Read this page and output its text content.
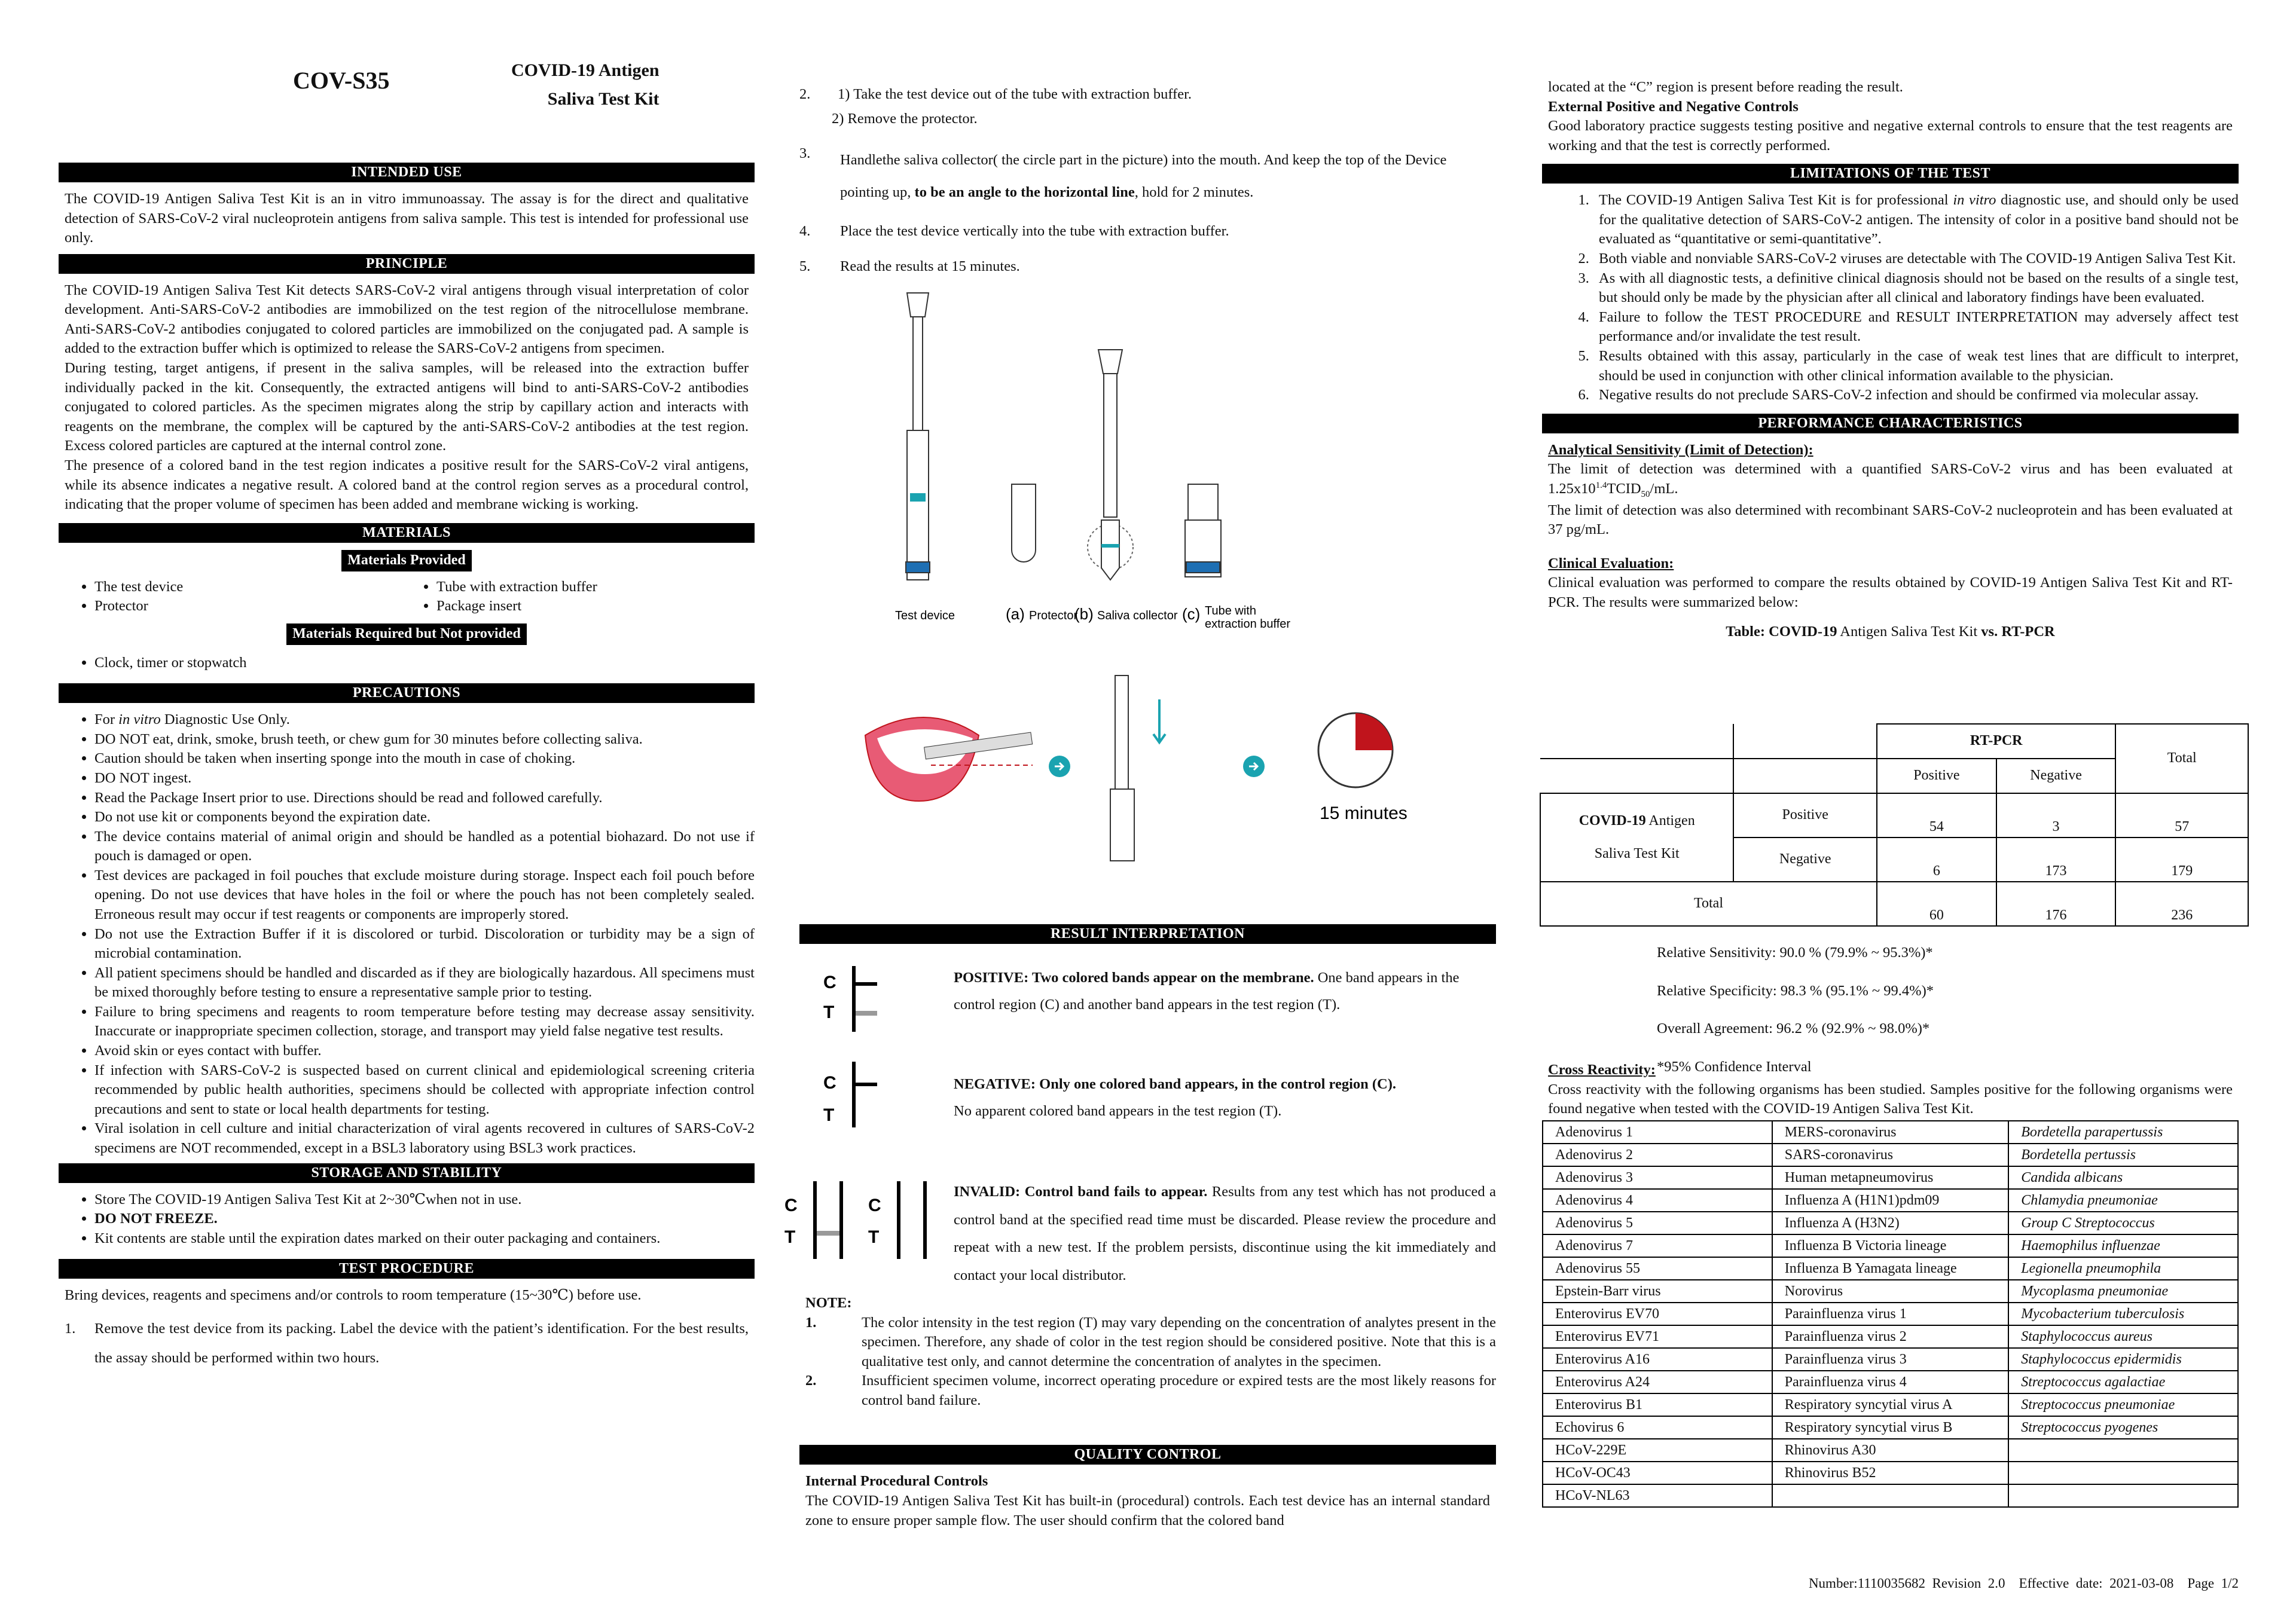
COV-S35	COVID-19 Antigen
Saliva Test Kit
INTENDED USE

The COVID-19 Antigen Saliva Test Kit is an in vitro immunoassay. The assay is for the direct and qualitative detection of SARS-CoV-2 viral nucleoprotein antigens from saliva sample. This test is intended for professional use only.

PRINCIPLE

The COVID-19 Antigen Saliva Test Kit detects SARS-CoV-2 viral antigens through visual interpretation of color development. Anti-SARS-CoV-2 antibodies are immobilized on the test region of the nitrocellulose membrane. Anti-SARS-CoV-2 antibodies conjugated to colored particles are immobilized on the conjugated pad. A sample is added to the extraction buffer which is optimized to release the SARS-CoV-2 antigens from specimen.

During testing, target antigens, if present in the saliva samples, will be released into the extraction buffer individually packed in the kit. Consequently, the extracted antigens will bind to anti-SARS-CoV-2 antibodies conjugated to colored particles. As the specimen migrates along the strip by capillary action and interacts with reagents on the membrane, the complex will be captured by the anti-SARS-CoV-2 antibodies at the test region. Excess colored particles are captured at the internal control zone.

The presence of a colored band in the test region indicates a positive result for the SARS-CoV-2 viral antigens, while its absence indicates a negative result. A colored band at the control region serves as a procedural control, indicating that the proper volume of specimen has been added and membrane wicking is working.

MATERIALS
Materials Provided
• The test device
• Protector
• Tube with extraction buffer
• Package insert
Materials Required but Not provided
• Clock, timer or stopwatch
PRECAUTIONS
• For in vitro Diagnostic Use Only.
• DO NOT eat, drink, smoke, brush teeth, or chew gum for 30 minutes before collecting saliva.
• Caution should be taken when inserting sponge into the mouth in case of choking.
• DO NOT ingest.
• Read the Package Insert prior to use. Directions should be read and followed carefully.
• Do not use kit or components beyond the expiration date.
• The device contains material of animal origin and should be handled as a potential biohazard. Do not use if pouch is damaged or open.
• Test devices are packaged in foil pouches that exclude moisture during storage. Inspect each foil pouch before opening. Do not use devices that have holes in the foil or where the pouch has not been completely sealed. Erroneous result may occur if test reagents or components are improperly stored.
• Do not use the Extraction Buffer if it is discolored or turbid. Discoloration or turbidity may be a sign of microbial contamination.
• All patient specimens should be handled and discarded as if they are biologically hazardous. All specimens must be mixed thoroughly before testing to ensure a representative sample prior to testing.
• Failure to bring specimens and reagents to room temperature before testing may decrease assay sensitivity. Inaccurate or inappropriate specimen collection, storage, and transport may yield false negative test results.
• Avoid skin or eyes contact with buffer.
• If infection with SARS-CoV-2 is suspected based on current clinical and epidemiological screening criteria recommended by public health authorities, specimens should be collected with appropriate infection control precautions and sent to state or local health departments for testing.
• Viral isolation in cell culture and initial characterization of viral agents recovered in cultures of SARS-CoV-2 specimens are NOT recommended, except in a BSL3 laboratory using BSL3 work practices.
STORAGE AND STABILITY
• Store The COVID-19 Antigen Saliva Test Kit at 2~30℃when not in use.
• DO NOT FREEZE.
• Kit contents are stable until the expiration dates marked on their outer packaging and containers.
TEST PROCEDURE

Bring devices, reagents and specimens and/or controls to room temperature (15~30℃) before use.

1.	Remove the test device from its packing. Label the device with the patient’s identification. For the best results, the assay should be performed within two hours.
2.	1) Take the test device out of the tube with extraction buffer.
2) Remove the protector.
3.	Handlethe saliva collector( the circle part in the picture) into the mouth. And keep the top of the Device pointing up, to be an angle to the horizontal line, hold for 2 minutes.
4.	Place the test device vertically into the tube with extraction buffer.
5.	Read the results at 15 minutes.
Test device	(a) Protector
(b) Saliva collector (c) Tube with
extraction buffer
15 minutes
RESULT INTERPRETATION
C
T
POSITIVE: Two colored bands appear on the membrane. One band appears in the control region (C) and another band appears in the test region (T).
C
T
NEGATIVE: Only one colored band appears, in the control region (C).
No apparent colored band appears in the test region (T).
C
T
C
T
INVALID: Control band fails to appear. Results from any test which has not produced a control band at the specified read time must be discarded. Please review the procedure and repeat with a new test. If the problem persists, discontinue using the kit immediately and contact your local distributor.
NOTE:
1.	The color intensity in the test region (T) may vary depending on the concentration of analytes present in the specimen. Therefore, any shade of color in the test region should be considered positive. Note that this is a qualitative test only, and cannot determine the concentration of analytes in the specimen.

2.	Insufficient specimen volume, incorrect operating procedure or expired tests are the most likely reasons for control band failure.

QUALITY CONTROL
Internal Procedural Controls

The COVID-19 Antigen Saliva Test Kit has built-in (procedural) controls. Each test device has an internal standard zone to ensure proper sample flow. The user should confirm that the colored band

located at the “C” region is present before reading the result.

External Positive and Negative Controls

Good laboratory practice suggests testing positive and negative external controls to ensure that the test reagents are working and that the test is correctly performed.

LIMITATIONS OF THE TEST
1. The COVID-19 Antigen Saliva Test Kit is for professional in vitro diagnostic use, and should only be used for the qualitative detection of SARS-CoV-2 antigen. The intensity of color in a positive band should not be evaluated as “quantitative or semi-quantitative”.
2. Both viable and nonviable SARS-CoV-2 viruses are detectable with The COVID-19 Antigen Saliva Test Kit.
3. As with all diagnostic tests, a definitive clinical diagnosis should not be based on the results of a single test, but should only be made by the physician after all clinical and laboratory findings have been evaluated.
4. Failure to follow the TEST PROCEDURE and RESULT INTERPRETATION may adversely affect test performance and/or invalidate the test result.
5. Results obtained with this assay, particularly in the case of weak test lines that are difficult to interpret, should be used in conjunction with other clinical information available to the physician.
6. Negative results do not preclude SARS-CoV-2 infection and should be confirmed via molecular assay.
PERFORMANCE CHARACTERISTICS
Analytical Sensitivity (Limit of Detection):

The limit of detection was determined with a quantified SARS-CoV-2 virus and has been evaluated at $1.25x10^{1.4}TCID_{50}/mL$.

The limit of detection was also determined with recombinant SARS-CoV-2 nucleoprotein and has been evaluated at 37 pg/mL.

Clinical Evaluation:

Clinical evaluation was performed to compare the results obtained by COVID-19 Antigen Saliva Test Kit and RT-PCR. The results were summarized below:

Table: COVID-19 Antigen Saliva Test Kit vs. RT-PCR
		RT-PCR		Total
		Positive	Negative	

COVID-19 Antigen
Saliva Test Kit	Positive	54	3	57
	Negative	6	173	179
Total		60	176	236
Relative Sensitivity: 90.0 % (79.9% ~ 95.3%)*
Relative Specificity: 98.3 % (95.1% ~ 99.4%)*
Overall Agreement: 96.2 % (92.9% ~ 98.0%)*
*95% Confidence Interval
Cross Reactivity:

Cross reactivity with the following organisms has been studied. Samples positive for the following organisms were found negative when tested with the COVID-19 Antigen Saliva Test Kit.

Adenovirus 1	MERS-coronavirus	Bordetella parapertussis
Adenovirus 2	SARS-coronavirus	Bordetella pertussis
Adenovirus 3	Human metapneumovirus	Candida albicans
Adenovirus 4	Influenza A (H1N1)pdm09	Chlamydia pneumoniae
Adenovirus 5	Influenza A (H3N2)	Group C Streptococcus
Adenovirus 7	Influenza B Victoria lineage	Haemophilus influenzae
Adenovirus 55	Influenza B Yamagata lineage	Legionella pneumophila
Epstein-Barr virus	Norovirus	Mycoplasma pneumoniae
Enterovirus EV70	Parainfluenza virus 1	Mycobacterium tuberculosis
Enterovirus EV71	Parainfluenza virus 2	Staphylococcus aureus
Enterovirus A16	Parainfluenza virus 3	Staphylococcus epidermidis
Enterovirus A24	Parainfluenza virus 4	Streptococcus agalactiae
Enterovirus B1	Respiratory syncytial virus A	Streptococcus pneumoniae
Echovirus 6	Respiratory syncytial virus B	Streptococcus pyogenes
HCoV-229E	Rhinovirus A30	
HCoV-OC43	Rhinovirus B52	
HCoV-NL63		
Number:1110035682  Revision  2.0    Effective  date:  2021-03-08    Page  1/2
